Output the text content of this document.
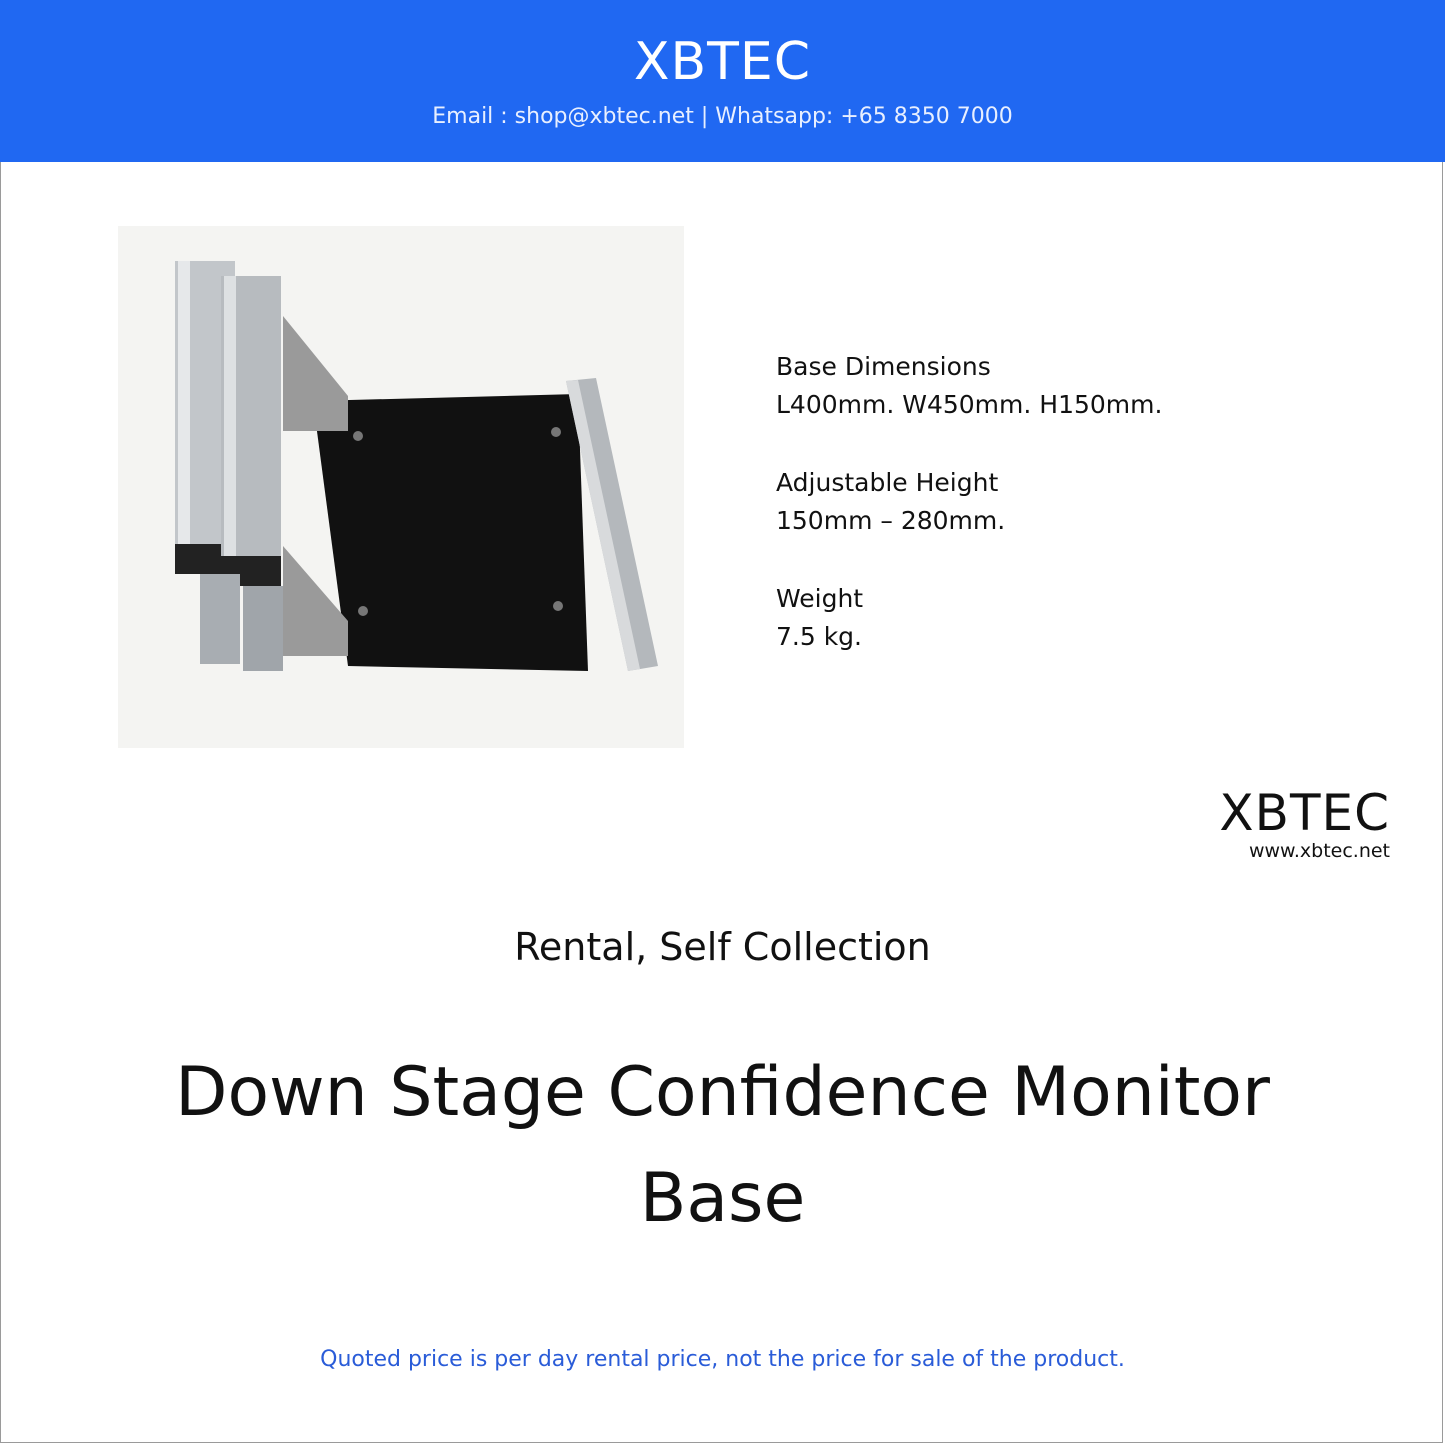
XBTEC
Email : shop@xbtec.net | Whatsapp: +65 8350 7000
Base Dimensions
L400mm. W450mm. H150mm.
Adjustable Height
150mm – 280mm.
Weight
7.5 kg.
XBTEC
www.xbtec.net
Rental, Self Collection
Down Stage Confidence Monitor
Base
Quoted price is per day rental price, not the price for sale of the product.
